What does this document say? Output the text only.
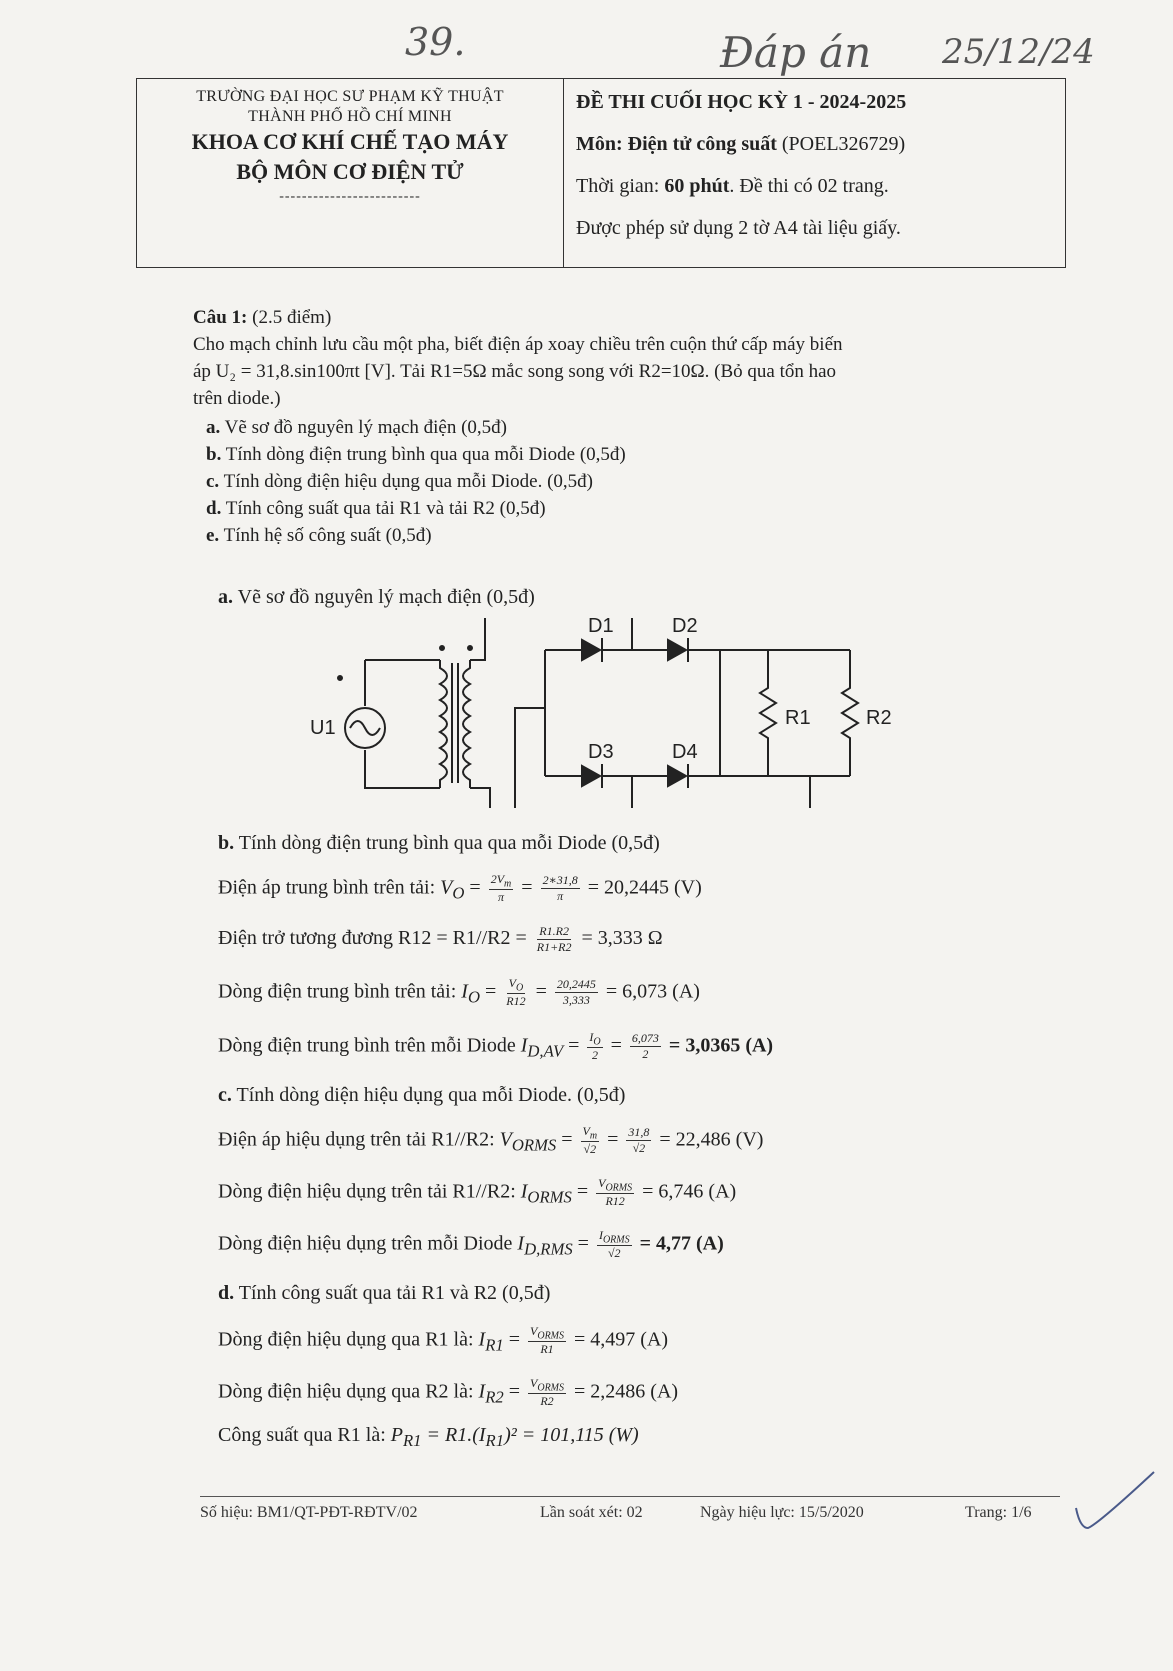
39.	Đáp án 25/12/24
TRƯỜNG ĐẠI HỌC SƯ PHẠM KỸ THUẬT
THÀNH PHỐ HỒ CHÍ MINH
KHOA CƠ KHÍ CHẾ TẠO MÁY
BỘ MÔN CƠ ĐIỆN TỬ
-------------------------
ĐỀ THI CUỐI HỌC KỲ 1 - 2024-2025
Môn: Điện tử công suất (POEL326729)
Thời gian: 60 phút. Đề thi có 02 trang.
Được phép sử dụng 2 tờ A4 tài liệu giấy.
Câu 1: (2.5 điểm)
Cho mạch chỉnh lưu cầu một pha, biết điện áp xoay chiều trên cuộn thứ cấp máy biến
áp U₂ = 31,8.sin100πt [V]. Tải R1=5Ω mắc song song với R2=10Ω. (Bỏ qua tổn hao
trên diode.)
a. Vẽ sơ đồ nguyên lý mạch điện (0,5đ)
b. Tính dòng điện trung bình qua qua mỗi Diode (0,5đ)
c. Tính dòng điện hiệu dụng qua mỗi Diode. (0,5đ)
d. Tính công suất qua tải R1 và tải R2 (0,5đ)
e. Tính hệ số công suất (0,5đ)
a. Vẽ sơ đồ nguyên lý mạch điện (0,5đ)
U1
D1	D2
D3	D4
R1	R2
b. Tính dòng điện trung bình qua qua mỗi Diode (0,5đ)
Điện áp trung bình trên tải: $V_O = \frac{2V_m}{\pi} = \frac{2∗31,8}{\pi} = 20,2445$ (V)
Điện trở tương đương $R12 = R1//R2 = \frac{R1.R2}{R1+R2} = 3,333$ Ω
Dòng điện trung bình trên tải: $I_O = \frac{V_O}{R12} = \frac{20,2445}{3,333} = 6,073$ (A)
Dòng điện trung bình trên mỗi Diode $I_{D,AV} = \frac{I_O}{2} = \frac{6,073}{2} = 3,0365$ (A)
c. Tính dòng diện hiệu dụng qua mỗi Diode. (0,5đ)
Điện áp hiệu dụng trên tải R1//R2: $V_{ORMS} = \frac{V_m}{√2} = \frac{31,8}{√2} = 22,486$ (V)
Dòng điện hiệu dụng trên tải R1//R2: $I_{ORMS} = \frac{V_{ORMS}}{R12} = 6,746$ (A)
Dòng điện hiệu dụng trên mỗi Diode $I_{D,RMS} = \frac{I_{ORMS}}{√2} = 4,77$ (A)
d. Tính công suất qua tải R1 và R2 (0,5đ)
Dòng điện hiệu dụng qua R1 là: $I_{R1} = \frac{V_{ORMS}}{R1} = 4,497$ (A)
Dòng điện hiệu dụng qua R2 là: $I_{R2} = \frac{V_{ORMS}}{R2} = 2,2486$ (A)
Công suất qua R1 là: $P_{R1} = R1.(I_{R1})^2 = 101,115$ (W)
Số hiệu: BM1/QT-PĐT-RĐTV/02	Lần soát xét: 02	Ngày hiệu lực: 15/5/2020	Trang: 1/6
